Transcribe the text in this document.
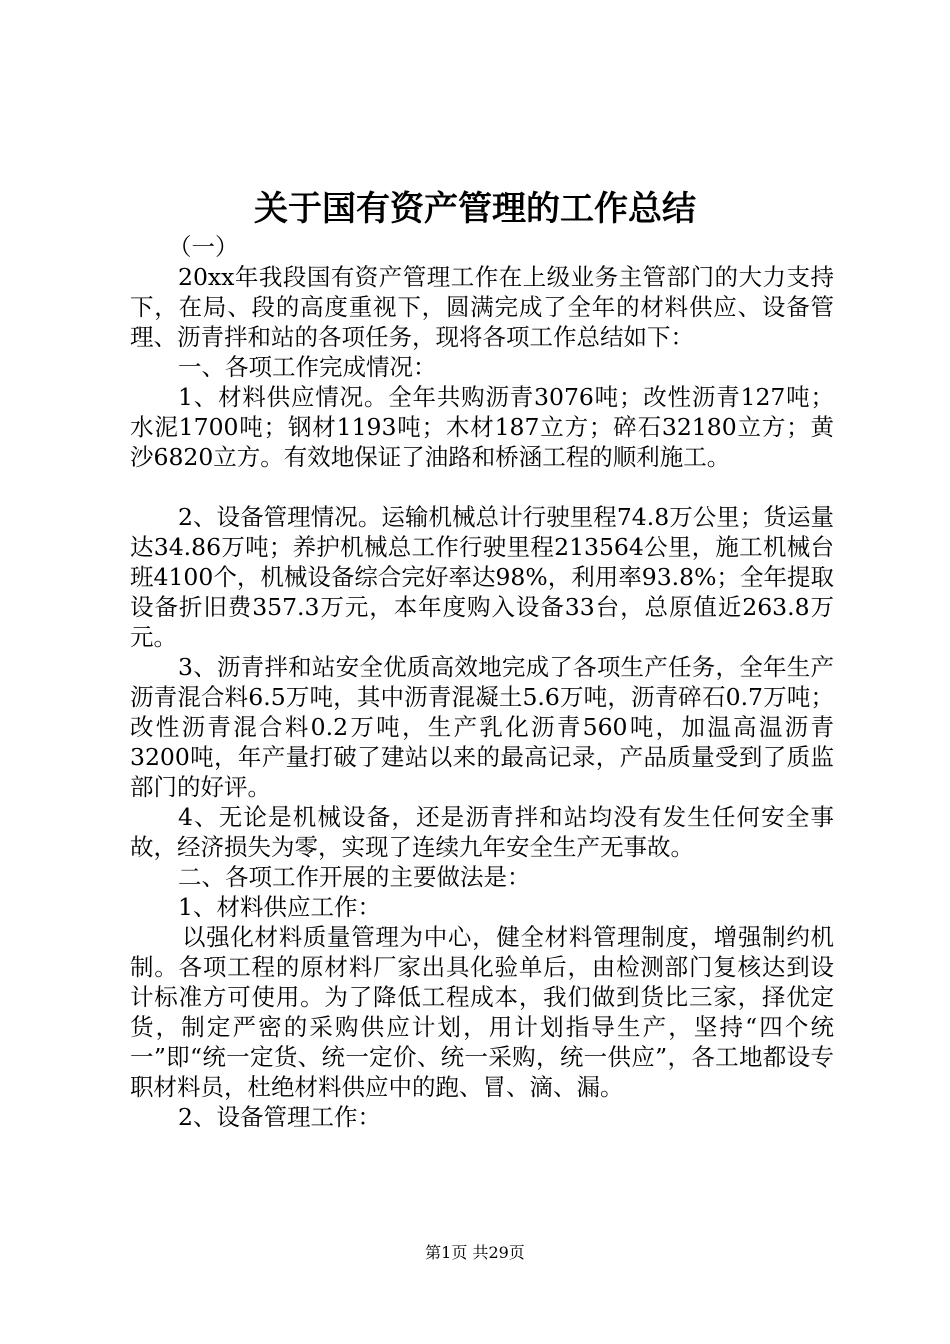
关于国有资产管理的工作总结

（一）

20xx年我段国有资产管理工作在上级业务主管部门的大力支持下，在局、段的高度重视下，圆满完成了全年的材料供应、设备管理、沥青拌和站的各项任务，现将各项工作总结如下：

一、各项工作完成情况：

1、材料供应情况。全年共购沥青3076吨；改性沥青127吨；水泥1700吨；钢材1193吨；木材187立方；碎石32180立方；黄沙6820立方。有效地保证了油路和桥涵工程的顺利施工。

2、设备管理情况。运输机械总计行驶里程74.8万公里；货运量达34.86万吨；养护机械总工作行驶里程213564公里，施工机械台班4100个，机械设备综合完好率达98%，利用率93.8%；全年提取设备折旧费357.3万元，本年度购入设备33台，总原值近263.8万元。

3、沥青拌和站安全优质高效地完成了各项生产任务，全年生产沥青混合料6.5万吨，其中沥青混凝土5.6万吨，沥青碎石0.7万吨；改性沥青混合料0.2万吨，生产乳化沥青560吨，加温高温沥青3200吨，年产量打破了建站以来的最高记录，产品质量受到了质监部门的好评。

4、无论是机械设备，还是沥青拌和站均没有发生任何安全事故，经济损失为零，实现了连续九年安全生产无事故。

二、各项工作开展的主要做法是：

1、材料供应工作：

以强化材料质量管理为中心，健全材料管理制度，增强制约机制。各项工程的原材料厂家出具化验单后，由检测部门复核达到设计标准方可使用。为了降低工程成本，我们做到货比三家，择优定货，制定严密的采购供应计划，用计划指导生产，坚持“四个统一”即“统一定货、统一定价、统一采购，统一供应”，各工地都设专职材料员，杜绝材料供应中的跑、冒、滴、漏。

2、设备管理工作：

第1页 共29页
